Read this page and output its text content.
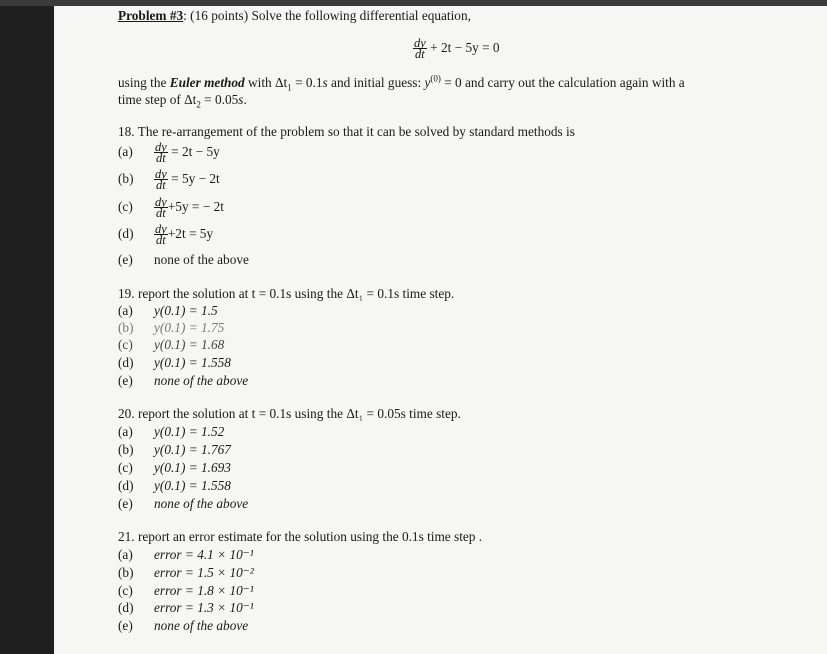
Problem #3: (16 points) Solve the following differential equation,
$\frac{dy}{dt} + 2t - 5y = 0$
using the Euler method with $\Delta t_1 = 0.1s$ and initial guess: $y^{(0)} = 0$ and carry out the calculation again with a
time step of $\Delta t_2 = 0.05s$.
18. The re-arrangement of the problem so that it can be solved by standard methods is
$(a) \frac{dy}{dt} = 2t - 5y$
$(b) \frac{dy}{dt} = 5y - 2t$
$(c) \frac{dy}{dt} +5y$ = − 2t
$(d) \frac{dy}{dt} +2t = 5y$
(e) none of the above
19. report the solution at t = 0.1s using the Δt₁ = 0.1s time step.
(a) y(0.1) = 1.5
(b) y(0.1) = 1.75
(c) y(0.1) = 1.68
(d) y(0.1) = 1.558
(e) none of the above
20. report the solution at t = 0.1s using the Δt₁ = 0.05s time step.
(a) y(0.1) = 1.52
(b) y(0.1) = 1.767
(c) y(0.1) = 1.693
(d) y(0.1) = 1.558
(e) none of the above
21. report an error estimate for the solution using the 0.1s time step .
(a) error = 4.1 × 10⁻¹
(b) error = 1.5 × 10⁻²
(c) error = 1.8 × 10⁻¹
(d) error = 1.3 × 10⁻¹
(e) none of the above
